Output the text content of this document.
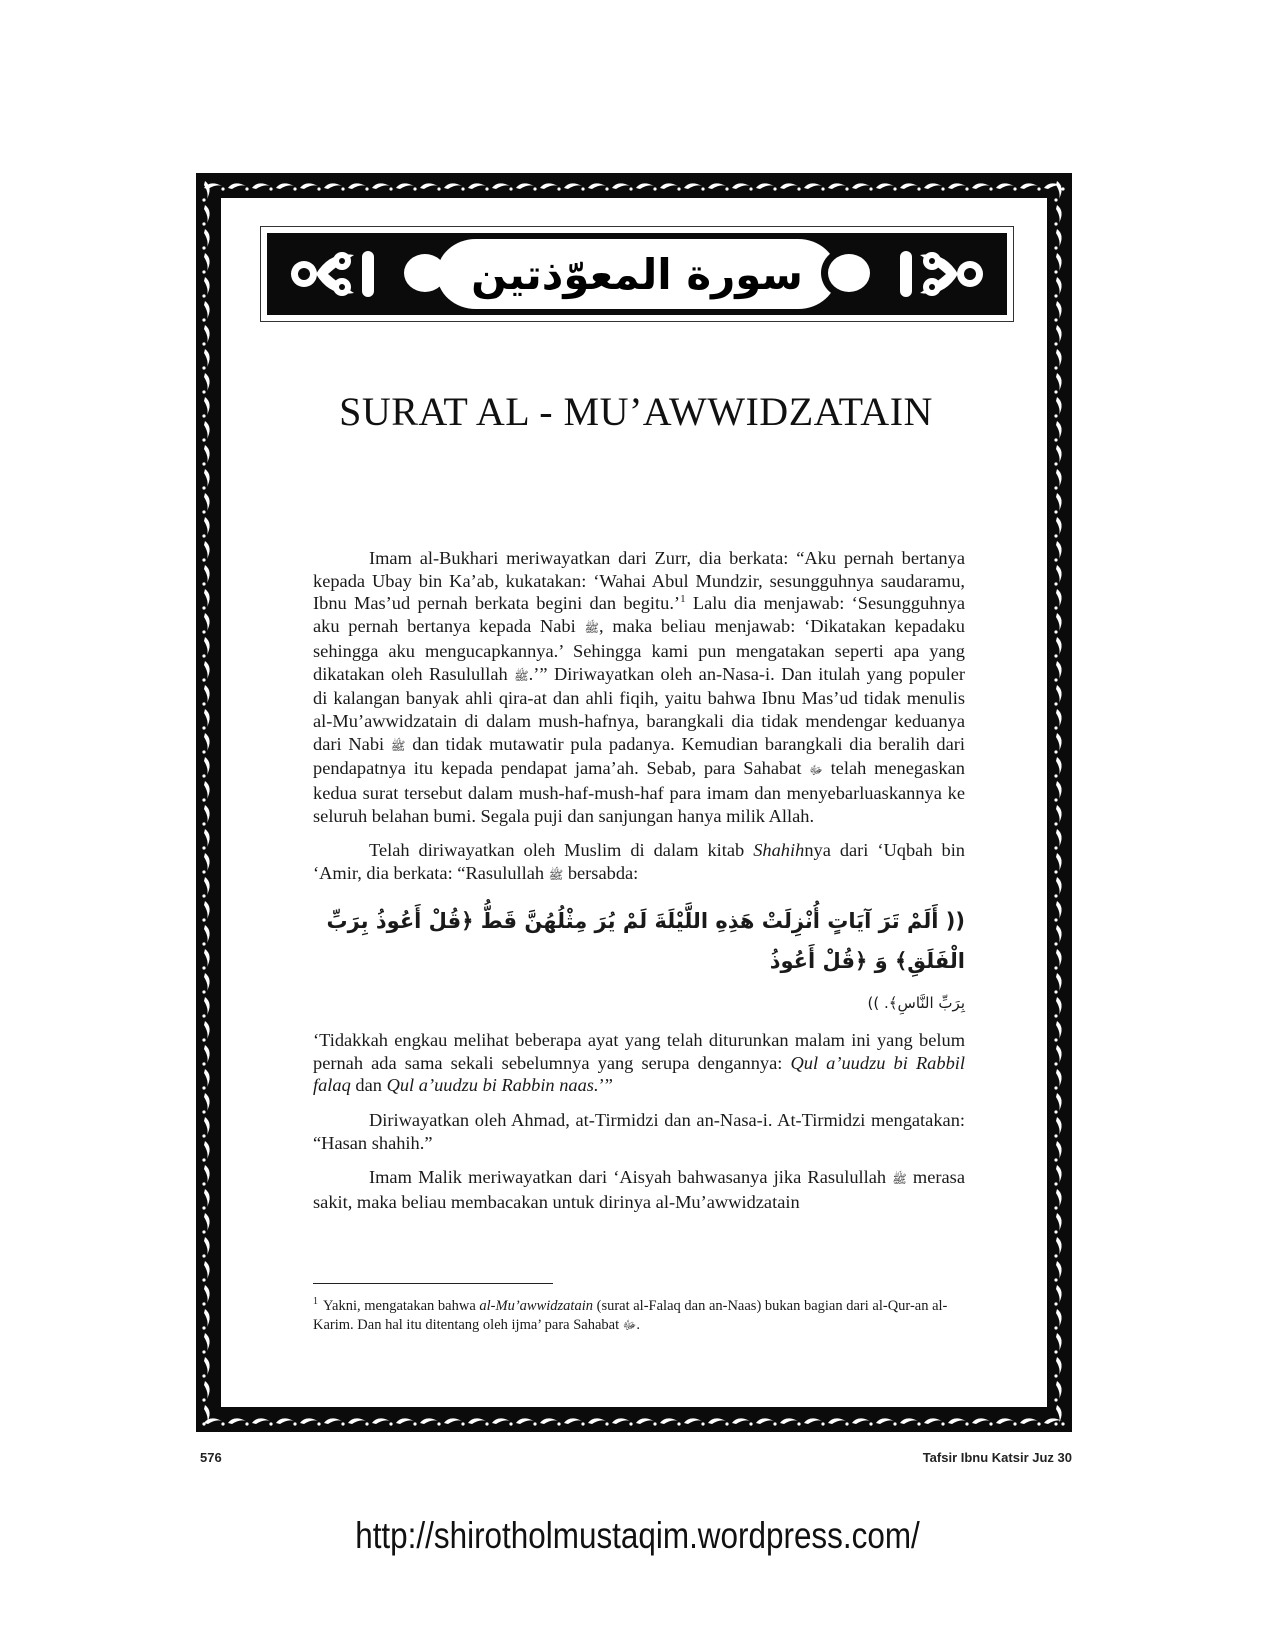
سورة المعوّذتين
SURAT AL - MU’AWWIDZATAIN

Imam al-Bukhari meriwayatkan dari Zurr, dia berkata: “Aku pernah bertanya kepada Ubay bin Ka’ab, kukatakan: ‘Wahai Abul Mundzir, sesungguhnya saudaramu, Ibnu Mas’ud pernah berkata begini dan begitu.’$^1$ Lalu dia menjawab: ‘Sesungguhnya aku pernah bertanya kepada Nabi ﷺ, maka beliau menjawab: ‘Dikatakan kepadaku sehingga aku mengucapkannya.’ Sehingga kami pun mengatakan seperti apa yang dikatakan oleh Rasulullah ﷺ.’” Diriwayatkan oleh an-Nasa-i. Dan itulah yang populer di kalangan banyak ahli qira-at dan ahli fiqih, yaitu bahwa Ibnu Mas’ud tidak menulis al-Mu’awwidzatain di dalam mush-hafnya, barangkali dia tidak mendengar keduanya dari Nabi ﷺ dan tidak mutawatir pula padanya. Kemudian barangkali dia beralih dari pendapatnya itu kepada pendapat jama’ah. Sebab, para Sahabat ﷻ telah menegaskan kedua surat tersebut dalam mush-haf-mush-haf para imam dan menyebarluaskannya ke seluruh belahan bumi. Segala puji dan sanjungan hanya milik Allah.

Telah diriwayatkan oleh Muslim di dalam kitab Shahihnya dari ‘Uqbah bin ‘Amir, dia berkata: “Rasulullah ﷺ bersabda:

(( أَلَمْ تَرَ آيَاتٍ أُنْزِلَتْ هَذِهِ اللَّيْلَةَ لَمْ يُرَ مِثْلُهُنَّ قَطُّ ﴿قُلْ أَعُوذُ بِرَبِّ الْفَلَقِ﴾ وَ ﴿قُلْ أَعُوذُ

بِرَبِّ النَّاسِ﴾. ))

‘Tidakkah engkau melihat beberapa ayat yang telah diturunkan malam ini yang belum pernah ada sama sekali sebelumnya yang serupa dengannya: Qul a’uudzu bi Rabbil falaq dan Qul a’uudzu bi Rabbin naas.’”

Diriwayatkan oleh Ahmad, at-Tirmidzi dan an-Nasa-i. At-Tirmidzi mengatakan: “Hasan shahih.”

Imam Malik meriwayatkan dari ‘Aisyah bahwasanya jika Rasulullah ﷺ merasa sakit, maka beliau membacakan untuk dirinya al-Mu’awwidzatain

$^1$ Yakni, mengatakan bahwa al-Mu’awwidzatain (surat al-Falaq dan an-Naas) bukan bagian dari al-Qur-an al-Karim. Dan hal itu ditentang oleh ijma’ para Sahabat ﷻ.
576	Tafsir Ibnu Katsir Juz 30
http://shirotholmustaqim.wordpress.com/
